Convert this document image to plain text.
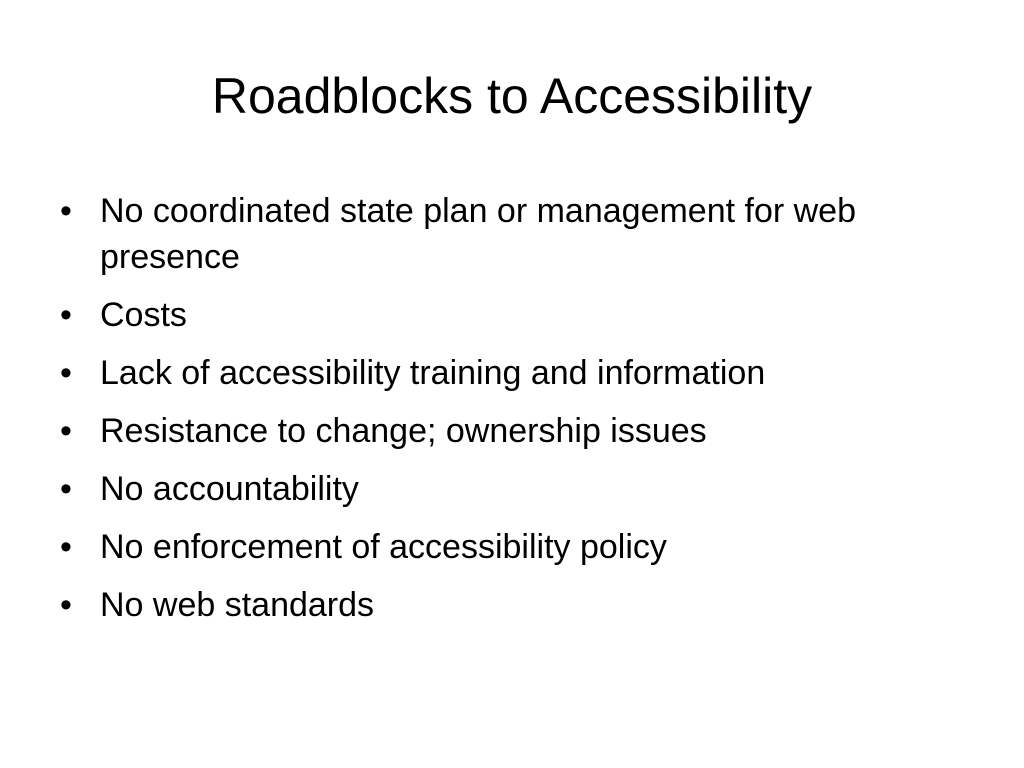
Roadblocks to Accessibility
• No coordinated state plan or management for web presence
• Costs
• Lack of accessibility training and information
• Resistance to change; ownership issues
• No accountability
• No enforcement of accessibility policy
• No web standards
